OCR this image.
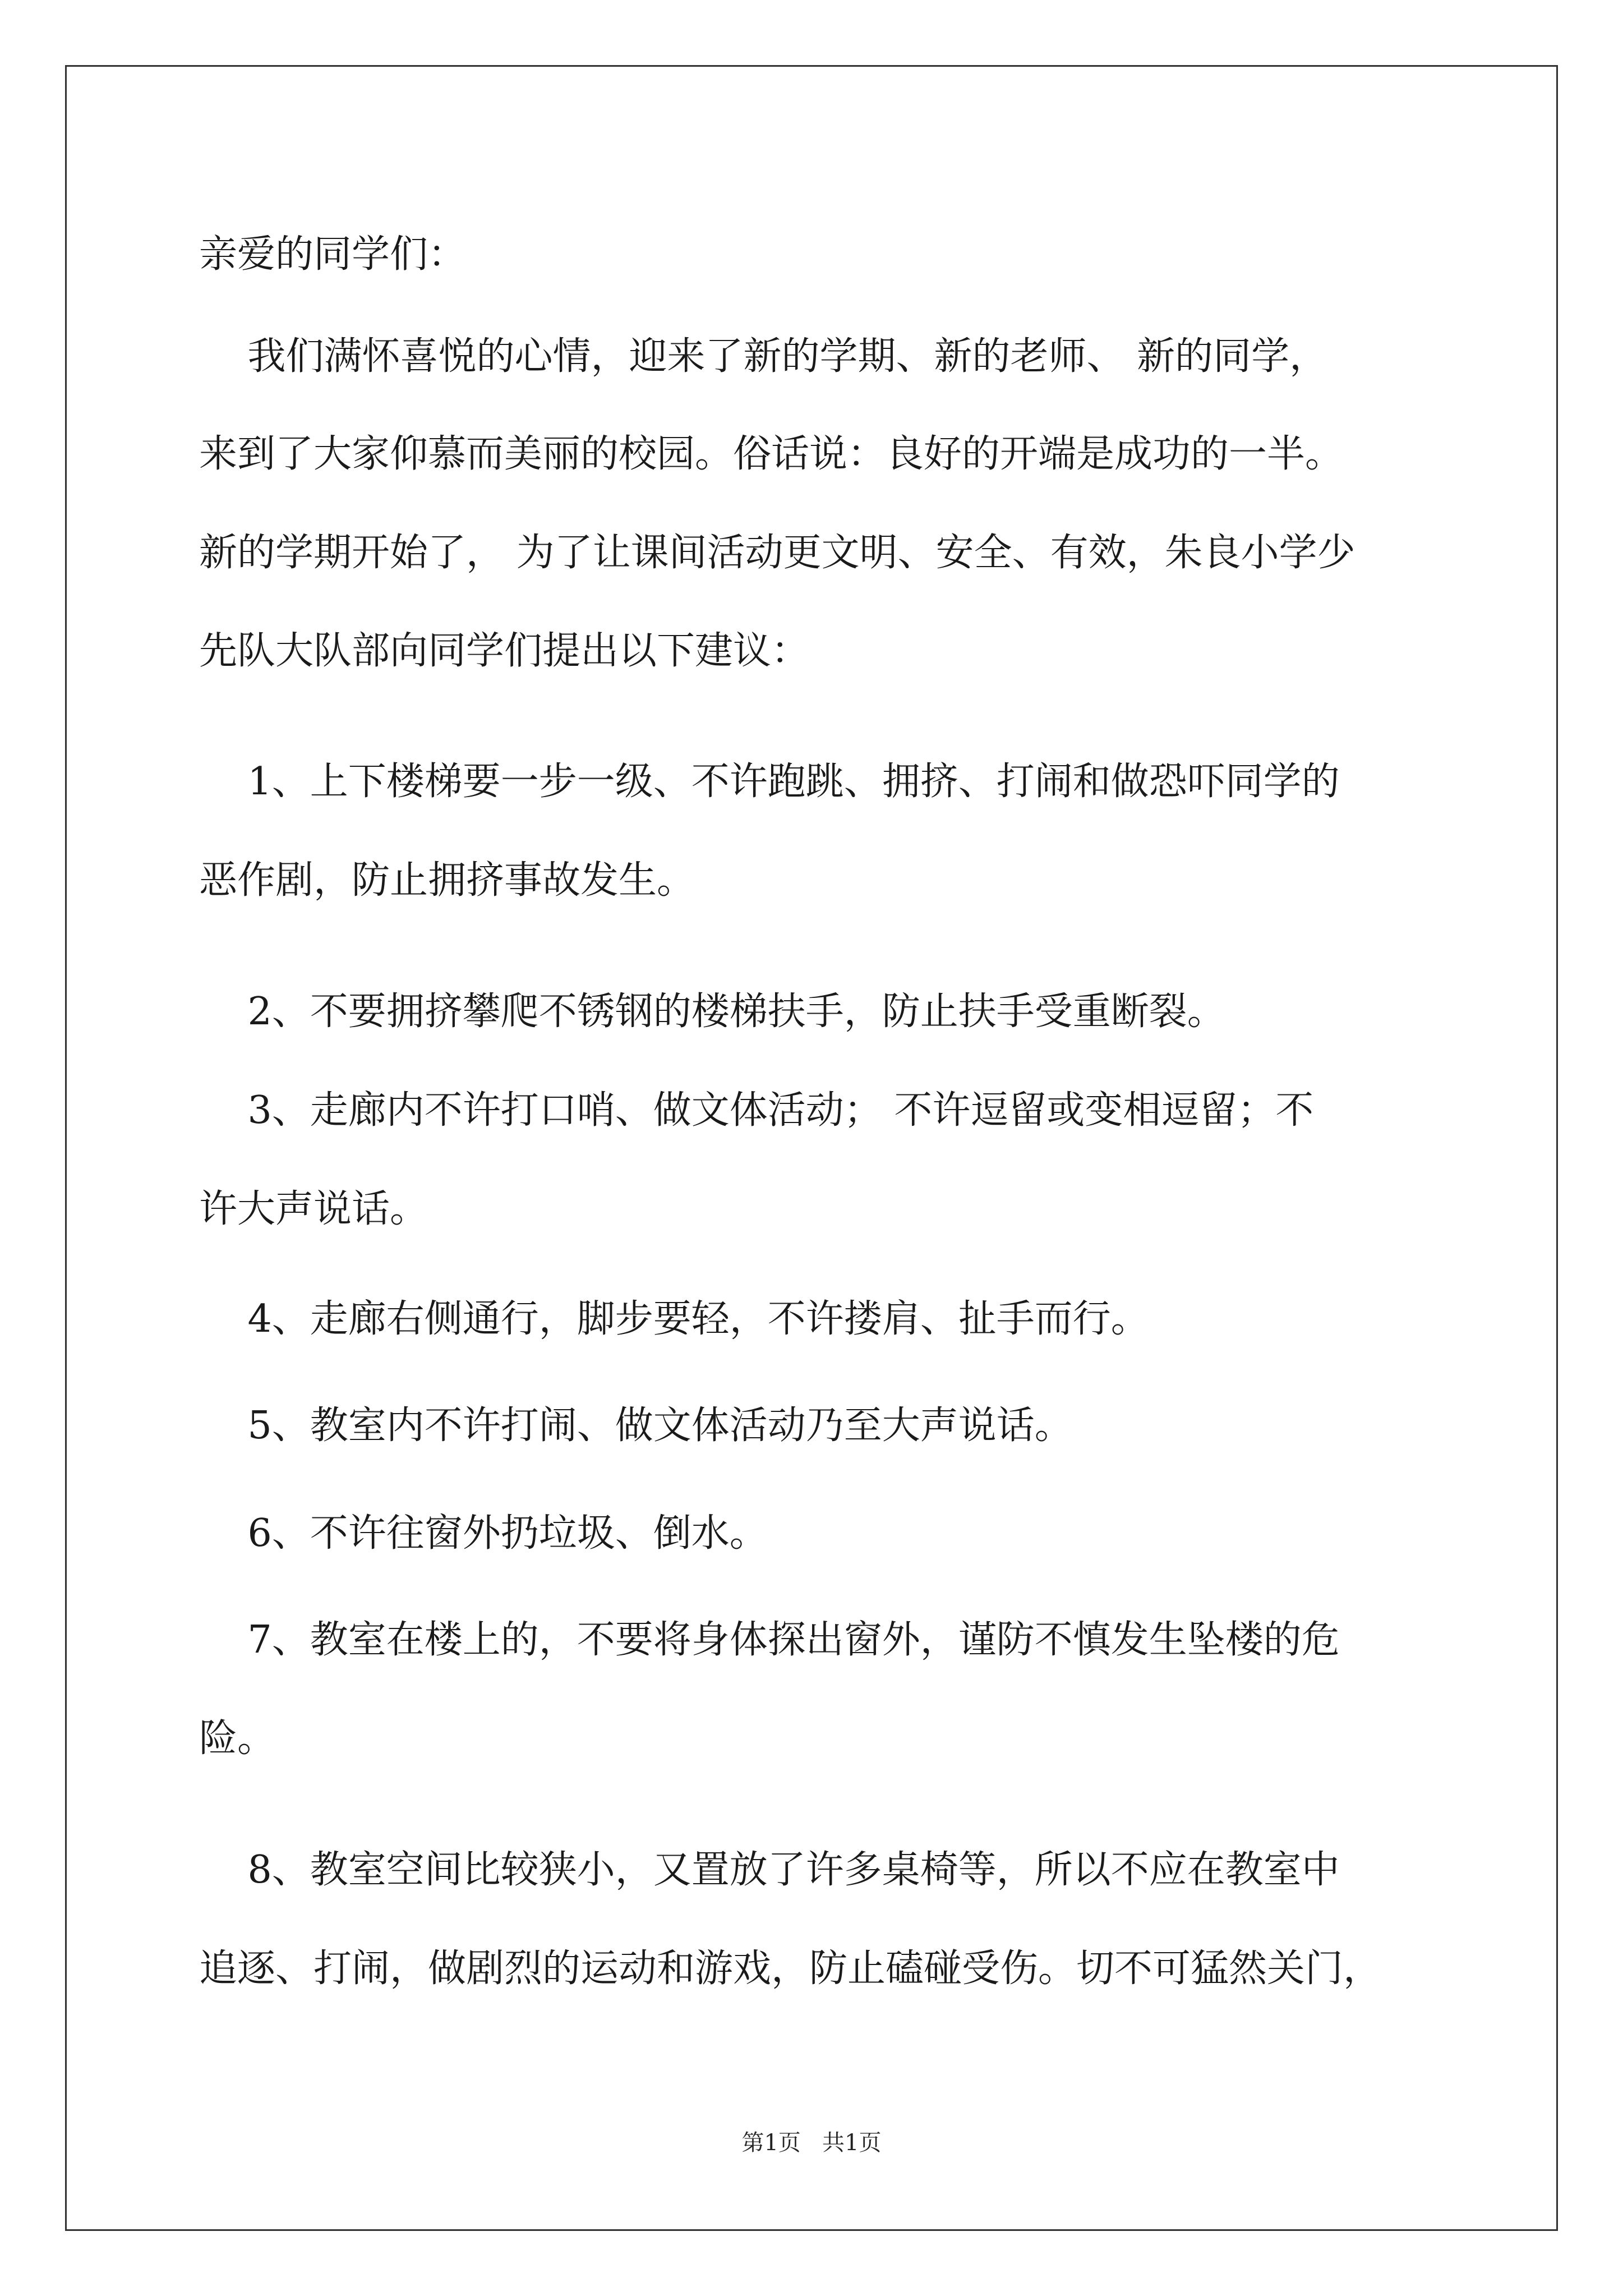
亲爱的同学们：
我们满怀喜悦的心情，迎来了新的学期、新的老师、 新的同学，
来到了大家仰慕而美丽的校园。俗话说：良好的开端是成功的一半。
新的学期开始了， 为了让课间活动更文明、安全、有效，朱良小学少
先队大队部向同学们提出以下建议：
1、上下楼梯要一步一级、不许跑跳、拥挤、打闹和做恐吓同学的
恶作剧，防止拥挤事故发生。
2、不要拥挤攀爬不锈钢的楼梯扶手，防止扶手受重断裂。
3、走廊内不许打口哨、做文体活动； 不许逗留或变相逗留；不
许大声说话。
4、走廊右侧通行，脚步要轻，不许搂肩、扯手而行。
5、教室内不许打闹、做文体活动乃至大声说话。
6、不许往窗外扔垃圾、倒水。
7、教室在楼上的，不要将身体探出窗外，谨防不慎发生坠楼的危
险。
8、教室空间比较狭小，又置放了许多桌椅等，所以不应在教室中
追逐、打闹，做剧烈的运动和游戏，防止磕碰受伤。切不可猛然关门，
第1页   共1页
